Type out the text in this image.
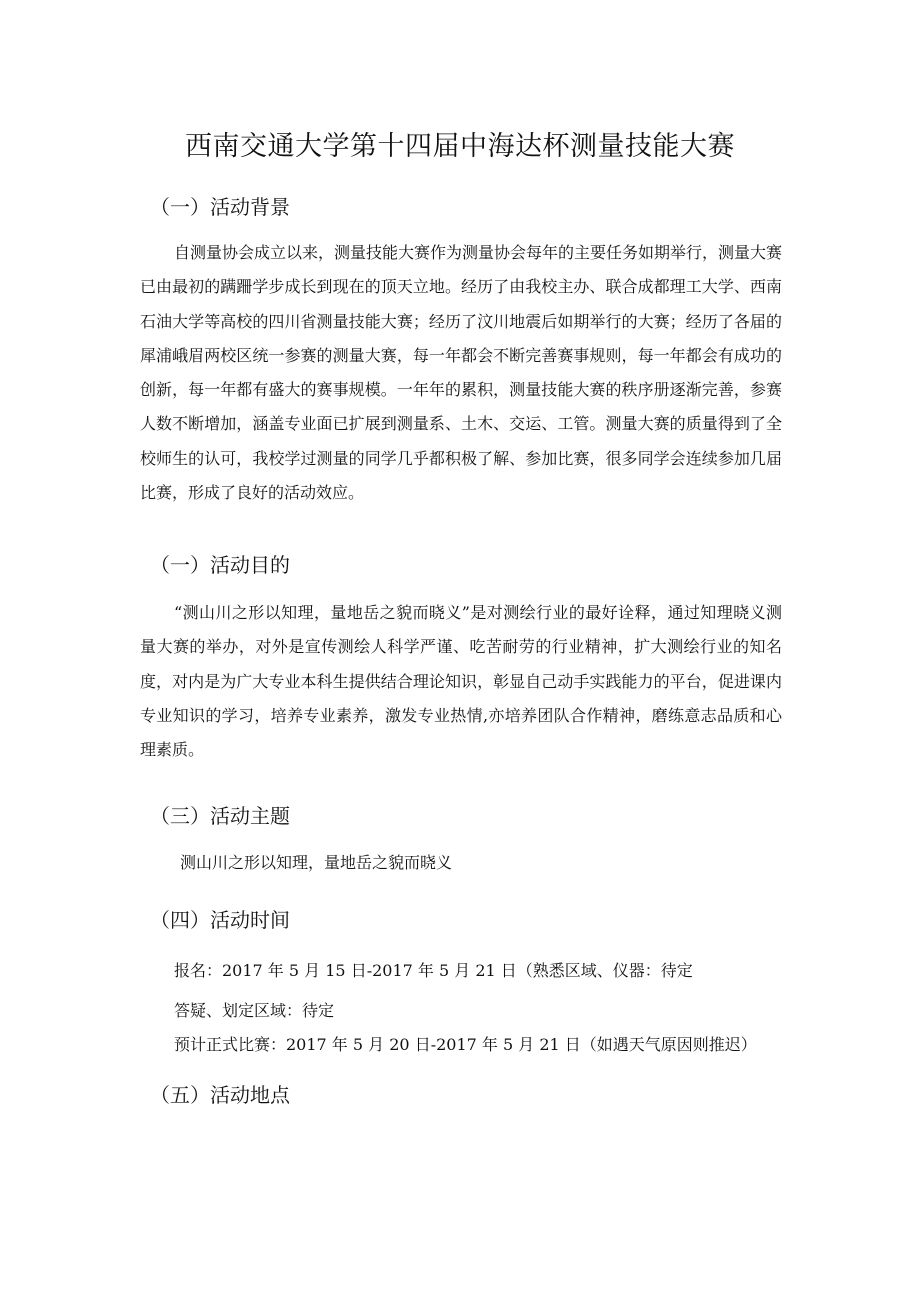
西南交通大学第十四届中海达杯测量技能大赛
（一）活动背景

自测量协会成立以来，测量技能大赛作为测量协会每年的主要任务如期举行，测量大赛已由最初的蹒跚学步成长到现在的顶天立地。经历了由我校主办、联合成都理工大学、西南石油大学等高校的四川省测量技能大赛；经历了汶川地震后如期举行的大赛；经历了各届的犀浦峨眉两校区统一参赛的测量大赛，每一年都会不断完善赛事规则，每一年都会有成功的创新，每一年都有盛大的赛事规模。一年年的累积，测量技能大赛的秩序册逐渐完善，参赛人数不断增加，涵盖专业面已扩展到测量系、土木、交运、工管。测量大赛的质量得到了全校师生的认可，我校学过测量的同学几乎都积极了解、参加比赛，很多同学会连续参加几届比赛，形成了良好的活动效应。

（一）活动目的

“测山川之形以知理，量地岳之貌而晓义”是对测绘行业的最好诠释，通过知理晓义测量大赛的举办，对外是宣传测绘人科学严谨、吃苦耐劳的行业精神，扩大测绘行业的知名度，对内是为广大专业本科生提供结合理论知识，彰显自己动手实践能力的平台，促进课内专业知识的学习，培养专业素养，激发专业热情,亦培养团队合作精神，磨练意志品质和心理素质。

（三）活动主题

测山川之形以知理，量地岳之貌而晓义

（四）活动时间

报名：2017 年 5 月 15 日-2017 年 5 月 21 日（熟悉区域、仪器：待定

答疑、划定区域：待定

预计正式比赛：2017 年 5 月 20 日-2017 年 5 月 21 日（如遇天气原因则推迟）

（五）活动地点
